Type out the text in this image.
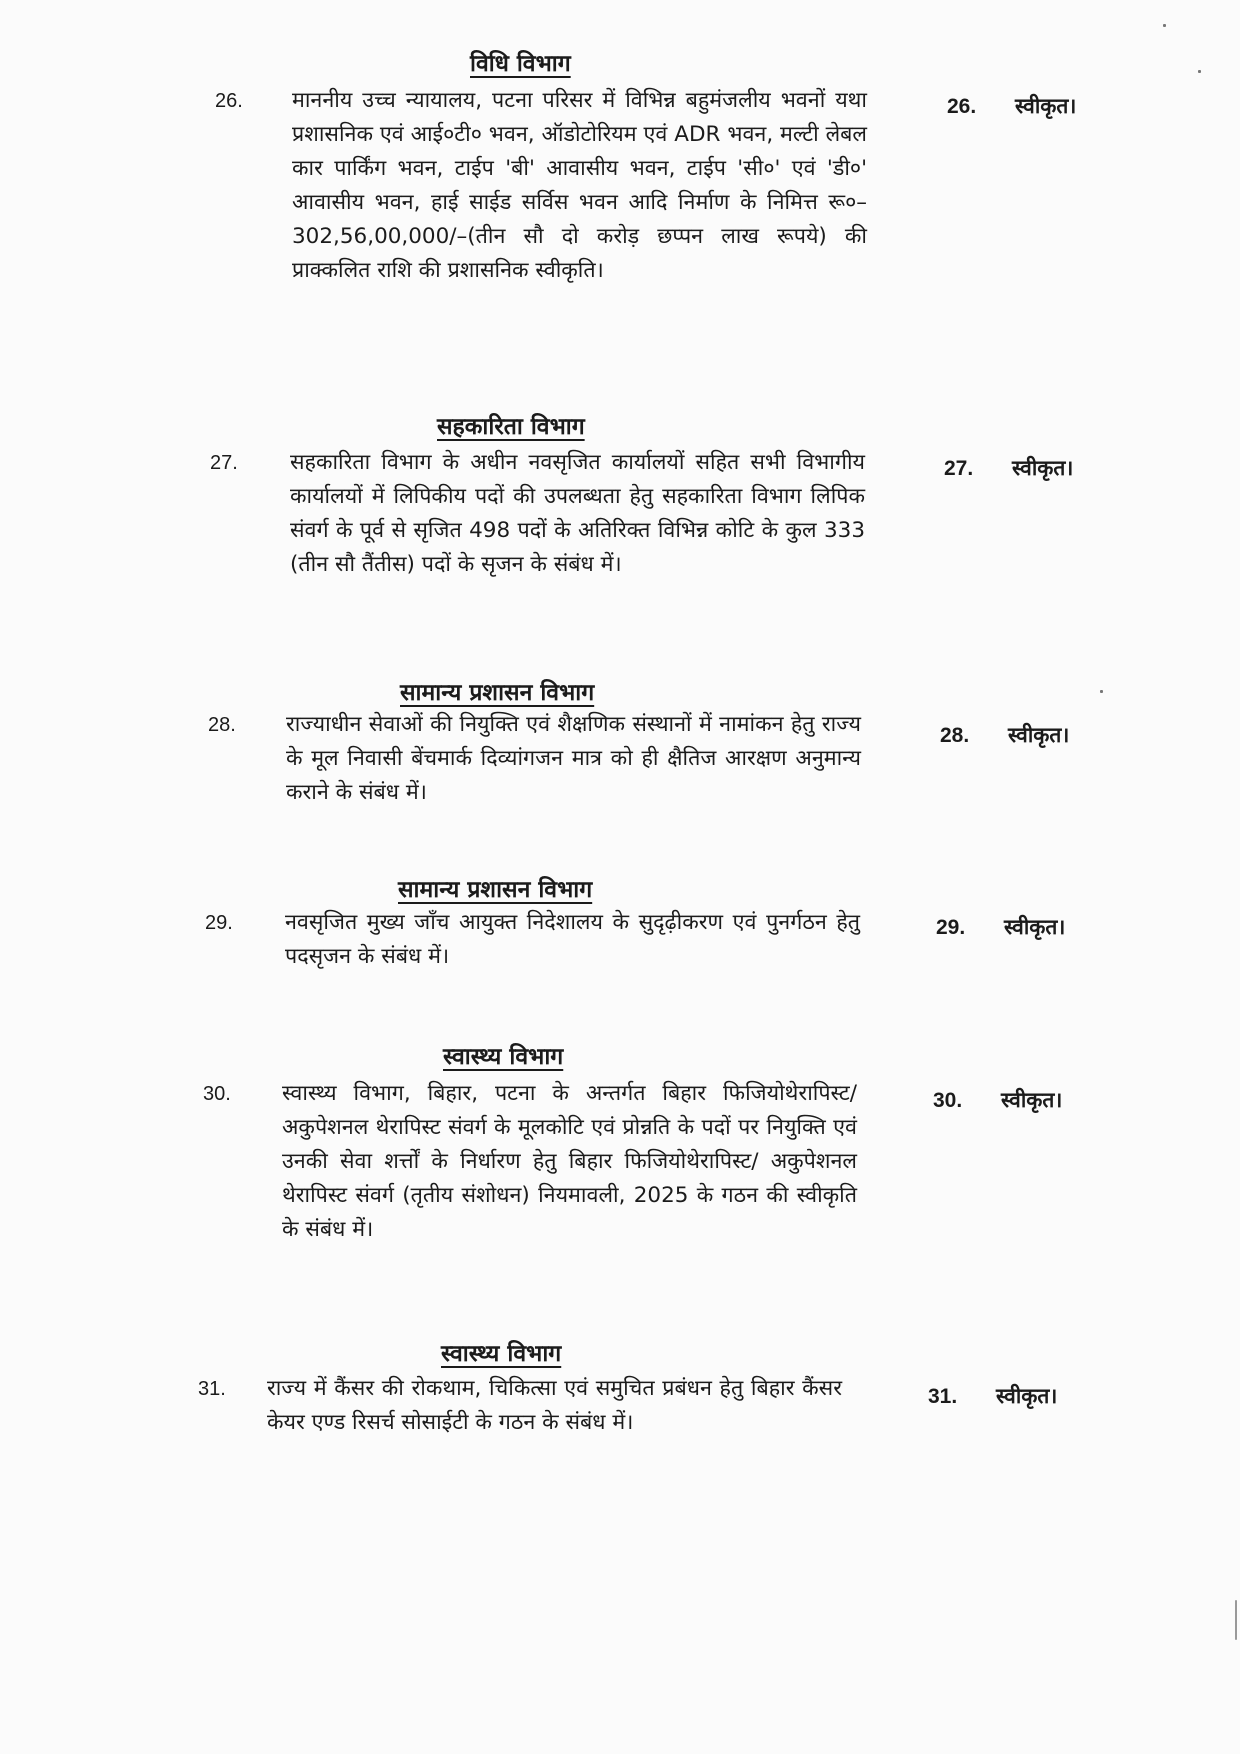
विधि विभाग
26. माननीय उच्च न्यायालय, पटना परिसर में विभिन्न बहुमंजलीय भवनों यथा प्रशासनिक एवं आई०टी० भवन, ऑडोटोरियम एवं ADR भवन, मल्टी लेबल कार पार्किंग भवन, टाईप 'बी' आवासीय भवन, टाईप 'सी०' एवं 'डी०' आवासीय भवन, हाई साईड सर्विस भवन आदि निर्माण के निमित्त रू०–302,56,00,000/–(तीन सौ दो करोड़ छप्पन लाख रूपये) की प्राक्कलित राशि की प्रशासनिक स्वीकृति।
26. स्वीकृत।
सहकारिता विभाग
27. सहकारिता विभाग के अधीन नवसृजित कार्यालयों सहित सभी विभागीय कार्यालयों में लिपिकीय पदों की उपलब्धता हेतु सहकारिता विभाग लिपिक संवर्ग के पूर्व से सृजित 498 पदों के अतिरिक्त विभिन्न कोटि के कुल 333 (तीन सौ तैंतीस) पदों के सृजन के संबंध में।
27. स्वीकृत।
सामान्य प्रशासन विभाग
28. राज्याधीन सेवाओं की नियुक्ति एवं शैक्षणिक संस्थानों में नामांकन हेतु राज्य के मूल निवासी बेंचमार्क दिव्यांगजन मात्र को ही क्षैतिज आरक्षण अनुमान्य कराने के संबंध में।
28. स्वीकृत।
सामान्य प्रशासन विभाग
29. नवसृजित मुख्य जाँच आयुक्त निदेशालय के सुदृढ़ीकरण एवं पुनर्गठन हेतु पदसृजन के संबंध में।
29. स्वीकृत।
स्वास्थ्य विभाग
30. स्वास्थ्य विभाग, बिहार, पटना के अन्तर्गत बिहार फिजियोथेरापिस्ट/अकुपेशनल थेरापिस्ट संवर्ग के मूलकोटि एवं प्रोन्नति के पदों पर नियुक्ति एवं उनकी सेवा शर्त्तों के निर्धारण हेतु बिहार फिजियोथेरापिस्ट/ अकुपेशनल थेरापिस्ट संवर्ग (तृतीय संशोधन) नियमावली, 2025 के गठन की स्वीकृति के संबंध में।
30. स्वीकृत।
स्वास्थ्य विभाग
31. राज्य में कैंसर की रोकथाम, चिकित्सा एवं समुचित प्रबंधन हेतु बिहार कैंसर केयर एण्ड रिसर्च सोसाईटी के गठन के संबंध में।
31. स्वीकृत।
